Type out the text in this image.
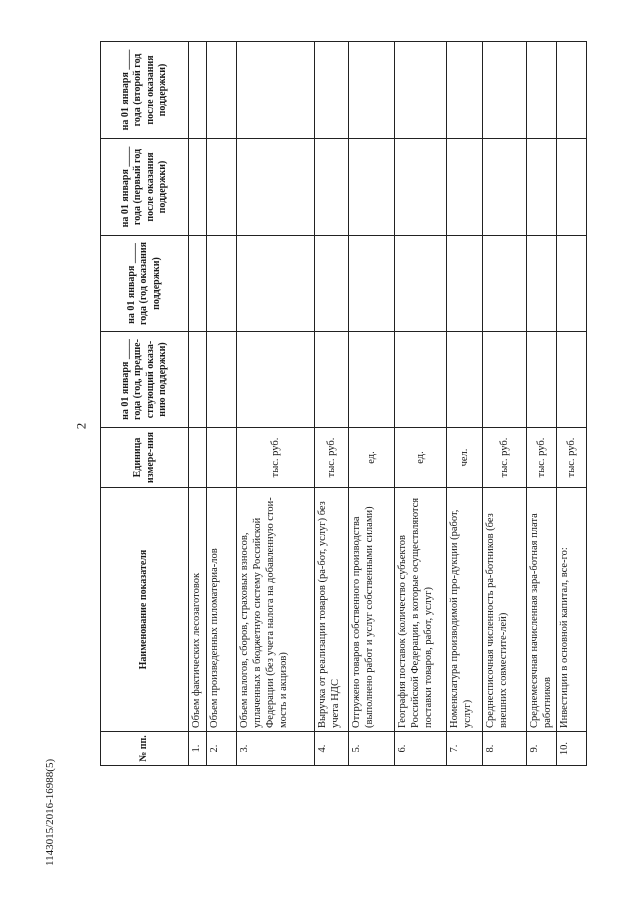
2
№ пп.	Наименование показателя	Единица измере-ния	на 01 января ____ года (год, предше-ствующий оказа-нию поддержки)	на 01 января ____ года (год оказания поддержки)	на 01 января ____ года (первый год после оказания поддержки)	на 01 января ____ года (второй год после оказания поддержки)
1.	Объем фактических лесозаготовок					
2.	Объем произведенных пиломатериа-лов					
3.	Объем налогов, сборов, страховых взносов, уплаченных в бюджетную систему Российской Федерации (без учета налога на добавленную стои-мость и акцизов)	тыс. руб.				
4.	Выручка от реализации товаров (ра-бот, услуг) без учета НДС	тыс. руб.				
5.	Отгружено товаров собственного производства (выполнено работ и услуг собственными силами)	ед.				
6.	География поставок (количество субъектов Российской Федерации, в которые осуществляются поставки товаров, работ, услуг)	ед.				
7.	Номенклатура производимой про-дукции (работ, услуг)	чел.				
8.	Среднесписочная численность ра-ботников (без внешних совместите-лей)	тыс. руб.				
9.	Среднемесячная начисленная зара-ботная плата работников	тыс. руб.				
10.	Инвестиции в основной капитал, все-го:	тыс. руб.				
1143015/2016-16988(5)
